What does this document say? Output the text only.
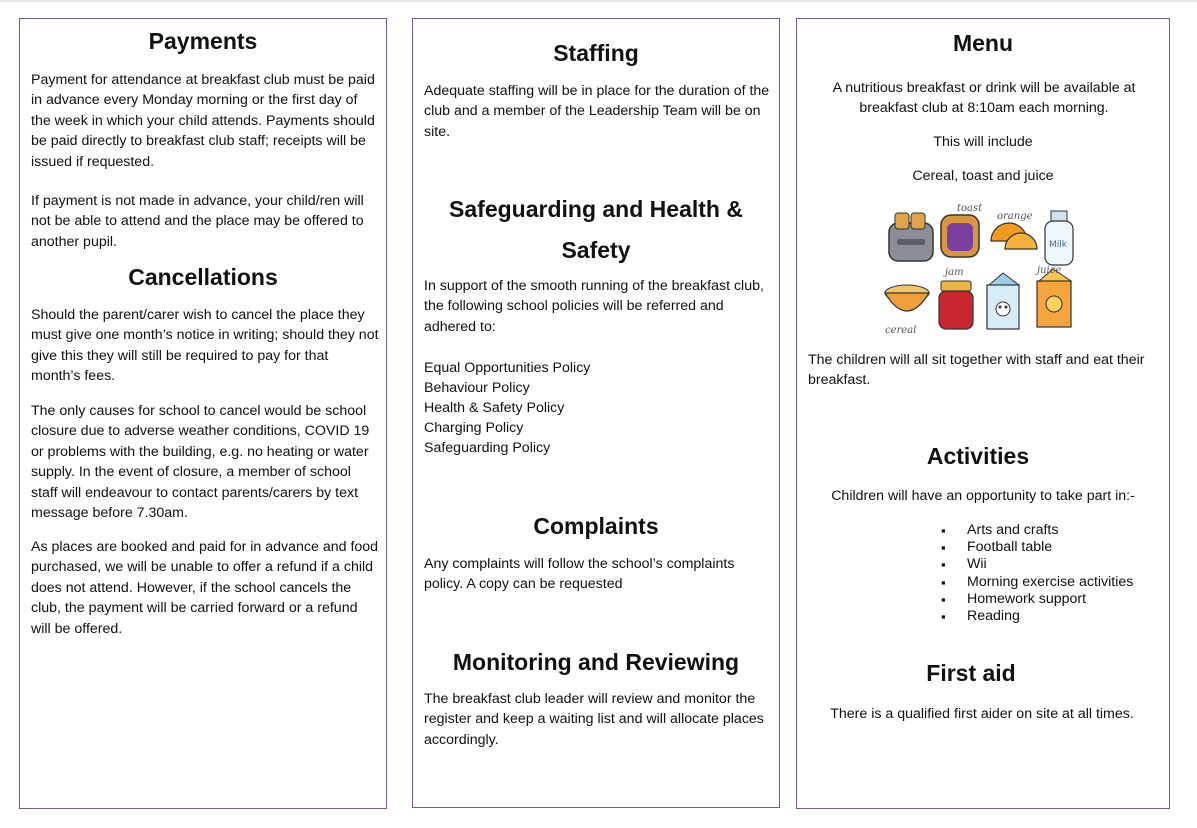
Payments

Payment for attendance at breakfast club must be paid in advance every Monday morning or the first day of the week in which your child attends. Payments should be paid directly to breakfast club staff; receipts will be issued if requested.

If payment is not made in advance, your child/ren will not be able to attend and the place may be offered to another pupil.

Cancellations

Should the parent/carer wish to cancel the place they must give one month’s notice in writing; should they not give this they will still be required to pay for that month’s fees.

The only causes for school to cancel would be school closure due to adverse weather conditions, COVID 19 or problems with the building, e.g. no heating or water supply. In the event of closure, a member of school staff will endeavour to contact parents/carers by text message before 7.30am.

As places are booked and paid for in advance and food purchased, we will be unable to offer a refund if a child does not attend. However, if the school cancels the club, the payment will be carried forward or a refund will be offered.

Staffing

Adequate staffing will be in place for the duration of the club and a member of the Leadership Team will be on site.

Safeguarding and Health &
Safety

In support of the smooth running of the breakfast club, the following school policies will be referred and adhered to:

Equal Opportunities Policy
Behaviour Policy
Health & Safety Policy
Charging Policy
Safeguarding Policy
Complaints

Any complaints will follow the school’s complaints policy. A copy can be requested

Monitoring and Reviewing

The breakfast club leader will review and monitor the register and keep a waiting list and will allocate places accordingly.

Menu

A nutritious breakfast or drink will be available at breakfast club at 8:10am each morning.

This will include

Cereal, toast and juice

toast
orange
Milk
cereal
jam	juice

The children will all sit together with staff and eat their breakfast.

Activities

Children will have an opportunity to take part in:-

▪ Arts and crafts
▪ Football table
▪ Wii
▪ Morning exercise activities
▪ Homework support
▪ Reading
First aid

There is a qualified first aider on site at all times.
